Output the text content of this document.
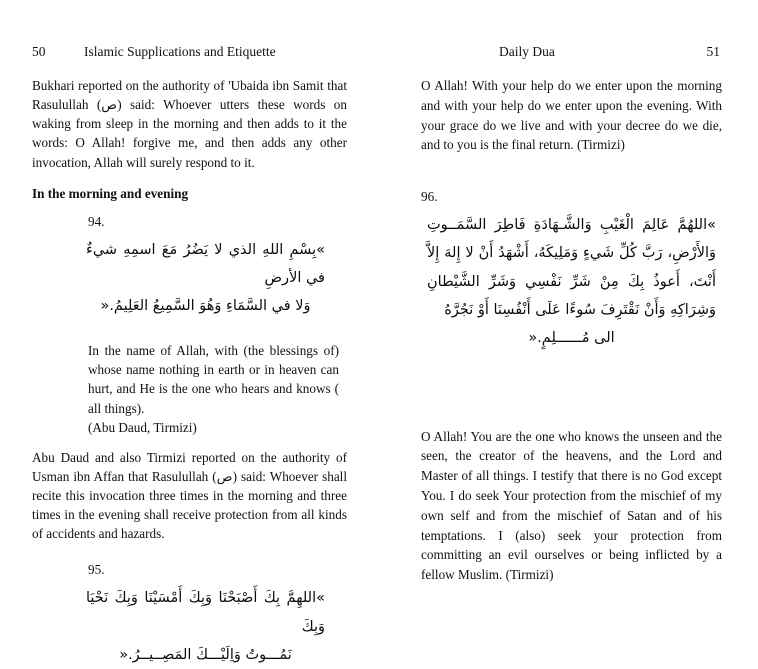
50	Islamic Supplications and Etiquette

Bukhari reported on the authority of 'Ubaida ibn Samit that Rasulullah (ص) said: Whoever utters these words on waking from sleep in the morning and then adds to it the words: O Allah! forgive me, and then adds any other invocation, Allah will surely respond to it.

In the morning and evening
94.
»بِسْمِ اللهِ الذي لا يَضُرُ مَعَ اسمِهِ شيءٌ في الأرضِ
وَلا في السَّمَاءِ وَهُوَ السَّمِيعُ العَلِيمُ.«
In the name of Allah, with (the blessings of) whose name nothing in earth or in heaven can hurt, and He is the one who hears and knows ( all things).
(Abu Daud, Tirmizi)

Abu Daud and also Tirmizi reported on the authority of Usman ibn Affan that Rasulullah (ص) said: Whoever shall recite this invocation three times in the morning and three times in the evening shall receive protection from all kinds of accidents and hazards.

95.
»اللهِمَّ بِكَ أَصْبَحْنَا وَبِكَ أَمْسَيْنَا وَبِكَ نَحْيَا وَبِكَ
نَمُـــوتُ وَاِلَيْـــكَ المَصِــيــرُ.«
Daily Dua	51

O Allah! With your help do we enter upon the morning and with your help do we enter upon the evening. With your grace do we live and with your decree do we die, and to you is the final return. (Tirmizi)

96.
»اللهُمَّ عَالِمَ الْغَيْبِ وَالشَّـهَادَةِ فَاطِرَ السَّمَــوتِ وَالأَرْضِ، رَبَّ كُلِّ شَيءٍ وَمَلِيكَهُ، أَشْهَدُ أَنْ لا إِلهَ إِلاَّ أَنْتَ، أَعوذُ بِكَ مِنْ شَرِّ نَفْسِي وَشَرِّ الشَّيْطانِ وَشِرَاكِهِ وَأَنْ نَقْتَرِفَ سُوءًا عَلَى أَنْفُسِنَا أَوْ نَجُرَّهُ
الى مُــــــلِمٍ.«

O Allah! You are the one who knows the unseen and the seen, the creator of the heavens, and the Lord and Master of all things. I testify that there is no God except You. I do seek Your protection from the mischief of my own self and from the mischief of Satan and of his temptations. I (also) seek your protection from committing an evil ourselves or being inflicted by a fellow Muslim. (Tirmizi)
